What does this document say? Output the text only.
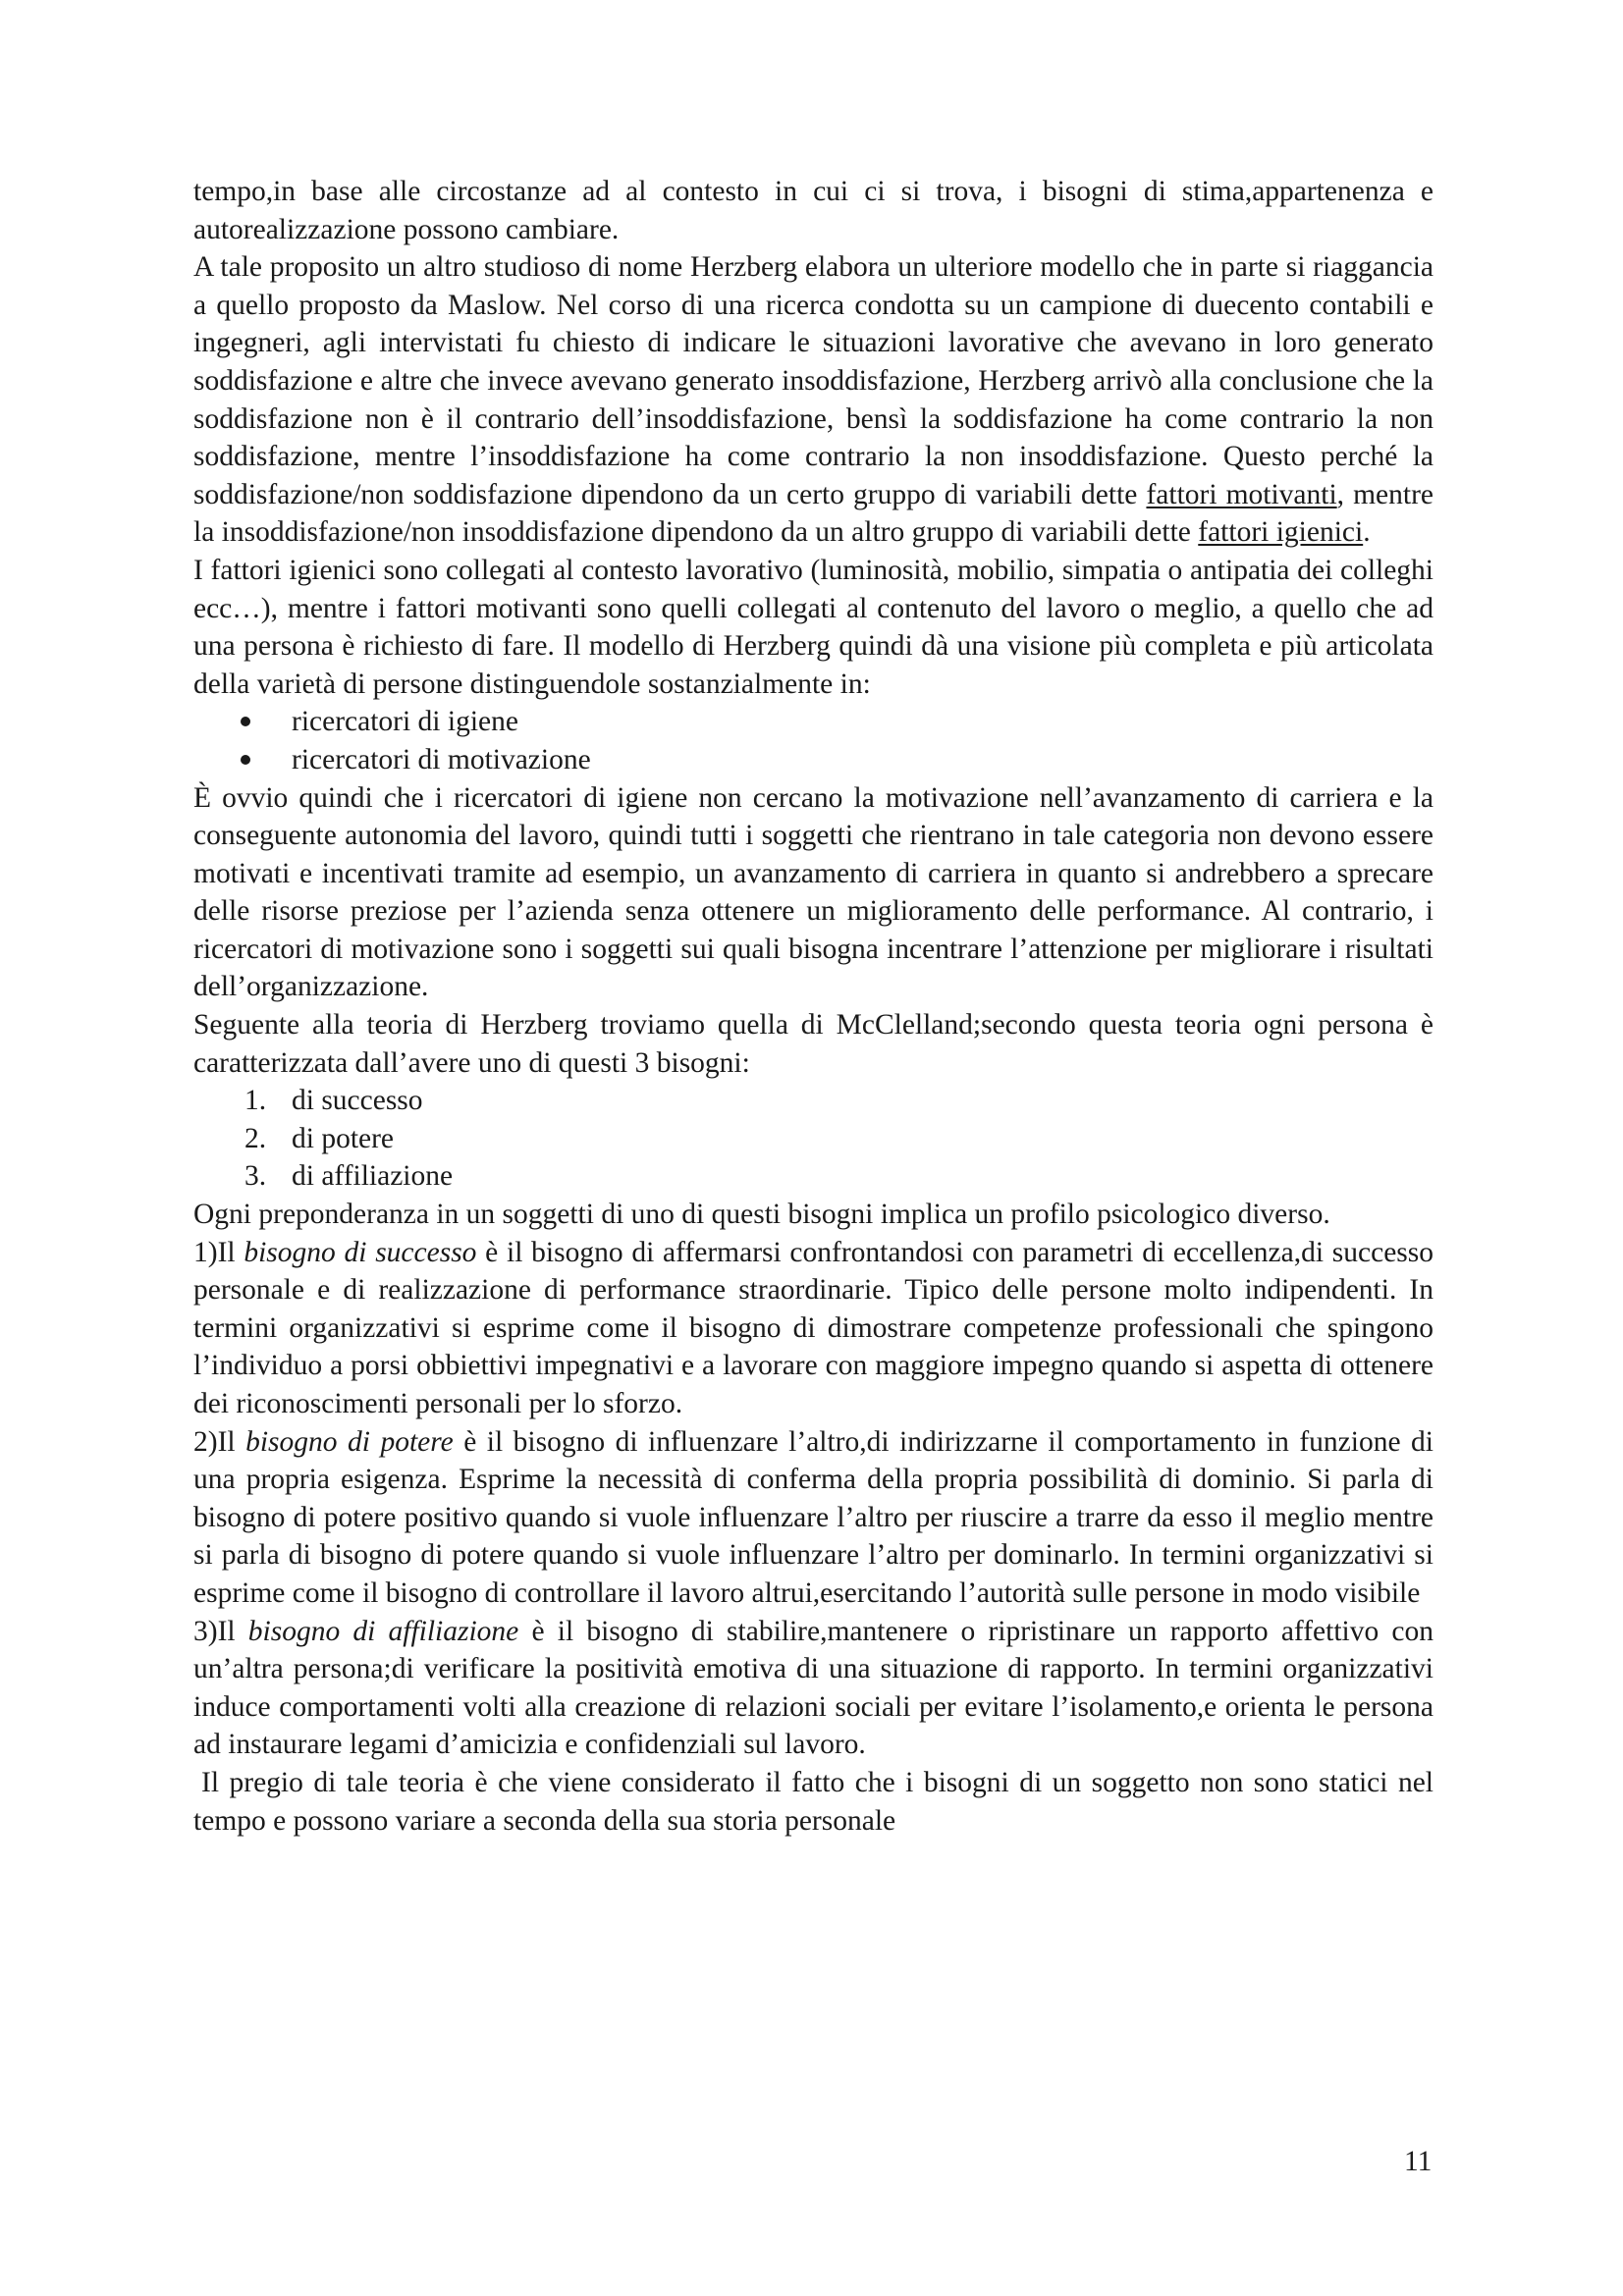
tempo,in base alle circostanze ad al contesto in cui ci si trova, i bisogni di stima,appartenenza e autorealizzazione possono cambiare.

A tale proposito un altro studioso di nome Herzberg elabora un ulteriore modello che in parte si riaggancia a quello proposto da Maslow. Nel corso di una ricerca condotta su un campione di duecento contabili e ingegneri, agli intervistati fu chiesto di indicare le situazioni lavorative che avevano in loro generato soddisfazione e altre che invece avevano generato insoddisfazione, Herzberg arrivò alla conclusione che la soddisfazione non è il contrario dell’insoddisfazione, bensì la soddisfazione ha come contrario la non soddisfazione, mentre l’insoddisfazione ha come contrario la non insoddisfazione. Questo perché la soddisfazione/non soddisfazione dipendono da un certo gruppo di variabili dette fattori motivanti, mentre la insoddisfazione/non insoddisfazione dipendono da un altro gruppo di variabili dette fattori igienici.

I fattori igienici sono collegati al contesto lavorativo (luminosità, mobilio, simpatia o antipatia dei colleghi ecc…), mentre i fattori motivanti sono quelli collegati al contenuto del lavoro o meglio, a quello che ad una persona è richiesto di fare. Il modello di Herzberg quindi dà una visione più completa e più articolata della varietà di persone distinguendole sostanzialmente in:

ricercatori di igiene
ricercatori di motivazione

È ovvio quindi che i ricercatori di igiene non cercano la motivazione nell’avanzamento di carriera e la conseguente autonomia del lavoro, quindi tutti i soggetti che rientrano in tale categoria non devono essere motivati e incentivati tramite ad esempio, un avanzamento di carriera in quanto si andrebbero a sprecare delle risorse preziose per l’azienda senza ottenere un miglioramento delle performance. Al contrario, i ricercatori di motivazione sono i soggetti sui quali bisogna incentrare l’attenzione per migliorare i risultati dell’organizzazione.

Seguente alla teoria di Herzberg troviamo quella di McClelland;secondo questa teoria ogni persona è caratterizzata dall’avere uno di questi 3 bisogni:

1. di successo
2. di potere
3. di affiliazione

Ogni preponderanza in un soggetti di uno di questi bisogni implica un profilo psicologico diverso.

1)Il bisogno di successo è il bisogno di affermarsi confrontandosi con parametri di eccellenza,di successo personale e di realizzazione di performance straordinarie. Tipico delle persone molto indipendenti. In termini organizzativi si esprime come il bisogno di dimostrare competenze professionali che spingono l’individuo a porsi obbiettivi impegnativi e a lavorare con maggiore impegno quando si aspetta di ottenere dei riconoscimenti personali per lo sforzo.

2)Il bisogno di potere è il bisogno di influenzare l’altro,di indirizzarne il comportamento in funzione di una propria esigenza. Esprime la necessità di conferma della propria possibilità di dominio. Si parla di bisogno di potere positivo quando si vuole influenzare l’altro per riuscire a trarre da esso il meglio mentre si parla di bisogno di potere quando si vuole influenzare l’altro per dominarlo. In termini organizzativi si esprime come il bisogno di controllare il lavoro altrui,esercitando l’autorità sulle persone in modo visibile

3)Il bisogno di affiliazione è il bisogno di stabilire,mantenere o ripristinare un rapporto affettivo con un’altra persona;di verificare la positività emotiva di una situazione di rapporto. In termini organizzativi induce comportamenti volti alla creazione di relazioni sociali per evitare l’isolamento,e orienta le persona ad instaurare legami d’amicizia e confidenziali sul lavoro.

Il pregio di tale teoria è che viene considerato il fatto che i bisogni di un soggetto non sono statici nel tempo e possono variare a seconda della sua storia personale

11
